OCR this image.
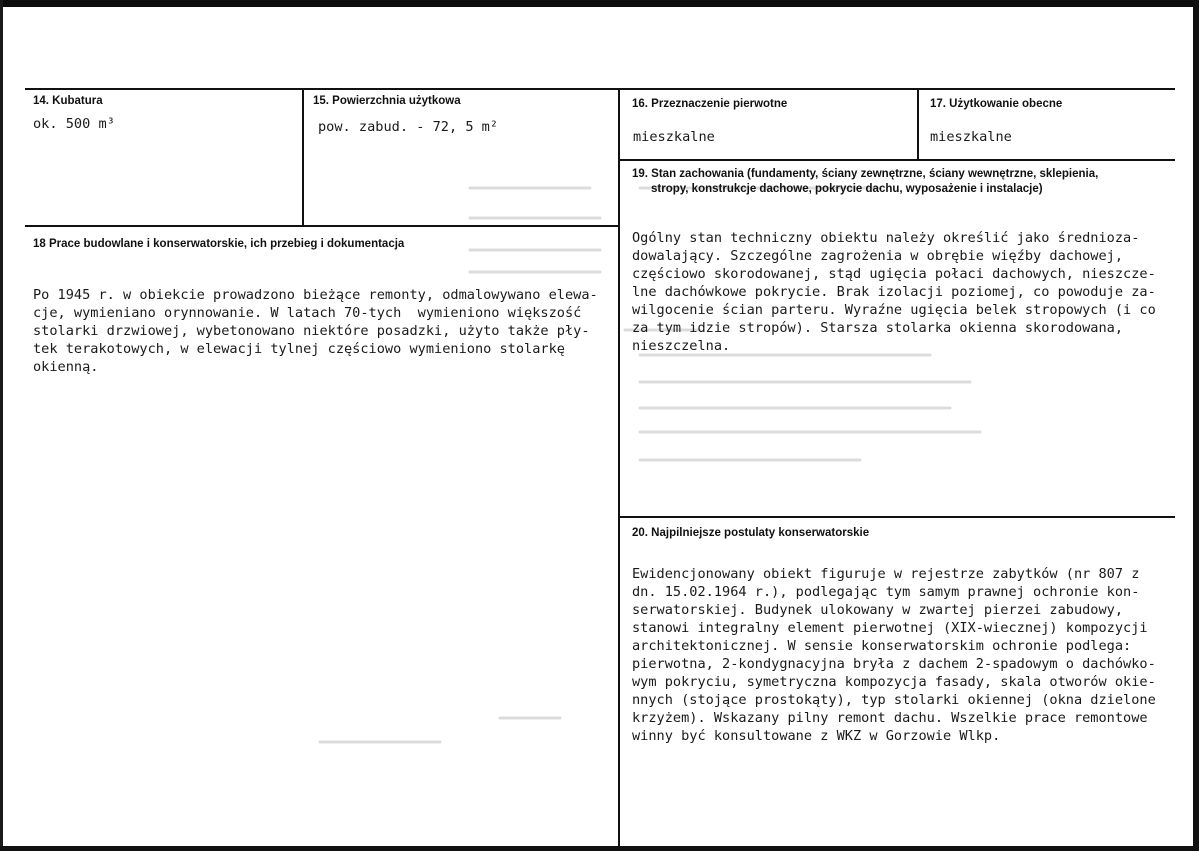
14. Kubatura
ok. 500 m³
15. Powierzchnia użytkowa
pow. zabud. - 72, 5 m²
16. Przeznaczenie pierwotne
mieszkalne
17. Użytkowanie obecne
mieszkalne
18 Prace budowlane i konserwatorskie, ich przebieg i dokumentacja

Po 1945 r. w obiekcie prowadzono bieżące remonty, odmalowywano elewa-
cje, wymieniano orynnowanie. W latach 70-tych  wymieniono większość
stolarki drzwiowej, wybetonowano niektóre posadzki, użyto także pły-
tek terakotowych, w elewacji tylnej częściowo wymieniono stolarkę
okienną.
19. Stan zachowania (fundamenty, ściany zewnętrzne, ściany wewnętrzne, sklepienia,
stropy, konstrukcje dachowe, pokrycie dachu, wyposażenie i instalacje)

Ogólny stan techniczny obiektu należy określić jako średnioza-
dowalający. Szczególne zagrożenia w obrębie więźby dachowej,
częściowo skorodowanej, stąd ugięcia połaci dachowych, nieszcze-
lne dachówkowe pokrycie. Brak izolacji poziomej, co powoduje za-
wilgocenie ścian parteru. Wyraźne ugięcia belek stropowych (i co
za tym idzie stropów). Starsza stolarka okienna skorodowana,
nieszczelna.
20. Najpilniejsze postulaty konserwatorskie

Ewidencjonowany obiekt figuruje w rejestrze zabytków (nr 807 z
dn. 15.02.1964 r.), podlegając tym samym prawnej ochronie kon-
serwatorskiej. Budynek ulokowany w zwartej pierzei zabudowy,
stanowi integralny element pierwotnej (XIX-wiecznej) kompozycji
architektonicznej. W sensie konserwatorskim ochronie podlega:
pierwotna, 2-kondygnacyjna bryła z dachem 2-spadowym o dachówko-
wym pokryciu, symetryczna kompozycja fasady, skala otworów okie-
nnych (stojące prostokąty), typ stolarki okiennej (okna dzielone
krzyżem). Wskazany pilny remont dachu. Wszelkie prace remontowe
winny być konsultowane z WKZ w Gorzowie Wlkp.
